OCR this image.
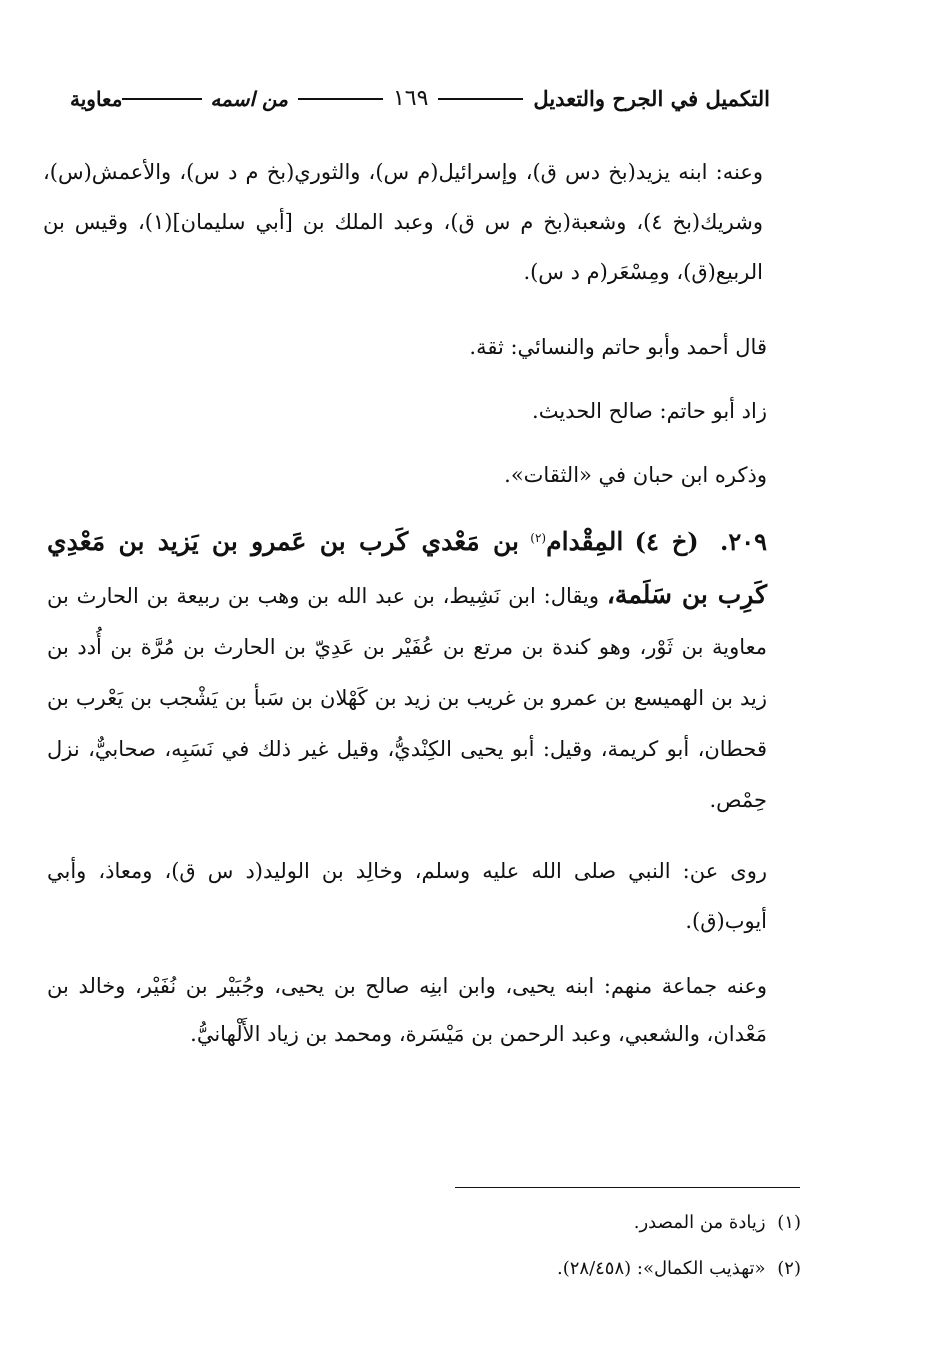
التكميل في الجرح والتعديل
١٦٩
من اسمه
معاوية
وعنه: ابنه يزيد(بخ دس ق)، وإسرائيل(م س)، والثوري(بخ م د س)، والأعمش(س)، وشريك(بخ ٤)، وشعبة(بخ م س ق)، وعبد الملك بن [أبي سليمان](١)، وقيس بن الربيع(ق)، ومِسْعَر(م د س).
قال أحمد وأبو حاتم والنسائي: ثقة.
زاد أبو حاتم: صالح الحديث.
وذكره ابن حبان في «الثقات».
٢٠٩. (خ ٤) المِقْدام$^{(٢)}$ بن مَعْدي كَرب بن عَمرو بن يَزيد بن مَعْدِي كَرِب بن سَلَمة، ويقال: ابن نَشِيط، بن عبد الله بن وهب بن ربيعة بن الحارث بن معاوية بن ثَوْر، وهو كندة بن مرتع بن عُفَيْر بن عَدِيّ بن الحارث بن مُرَّة بن أُدد بن زيد بن الهميسع بن عمرو بن غريب بن زيد بن كَهْلان بن سَبأ بن يَشْجب بن يَعْرب بن قحطان، أبو كريمة، وقيل: أبو يحيى الكِنْديُّ، وقيل غير ذلك في نَسَبِه، صحابيٌّ، نزل حِمْص.
روى عن: النبي صلى الله عليه وسلم، وخالِد بن الوليد(د س ق)، ومعاذ، وأبي أيوب(ق).
وعنه جماعة منهم: ابنه يحيى، وابن ابنِه صالح بن يحيى، وجُبَيْر بن نُفَيْر، وخالد بن مَعْدان، والشعبي، وعبد الرحمن بن مَيْسَرة، ومحمد بن زياد الأَلْهانيُّ.
(١) زيادة من المصدر.
(٢) «تهذيب الكمال»: (٢٨/٤٥٨).
